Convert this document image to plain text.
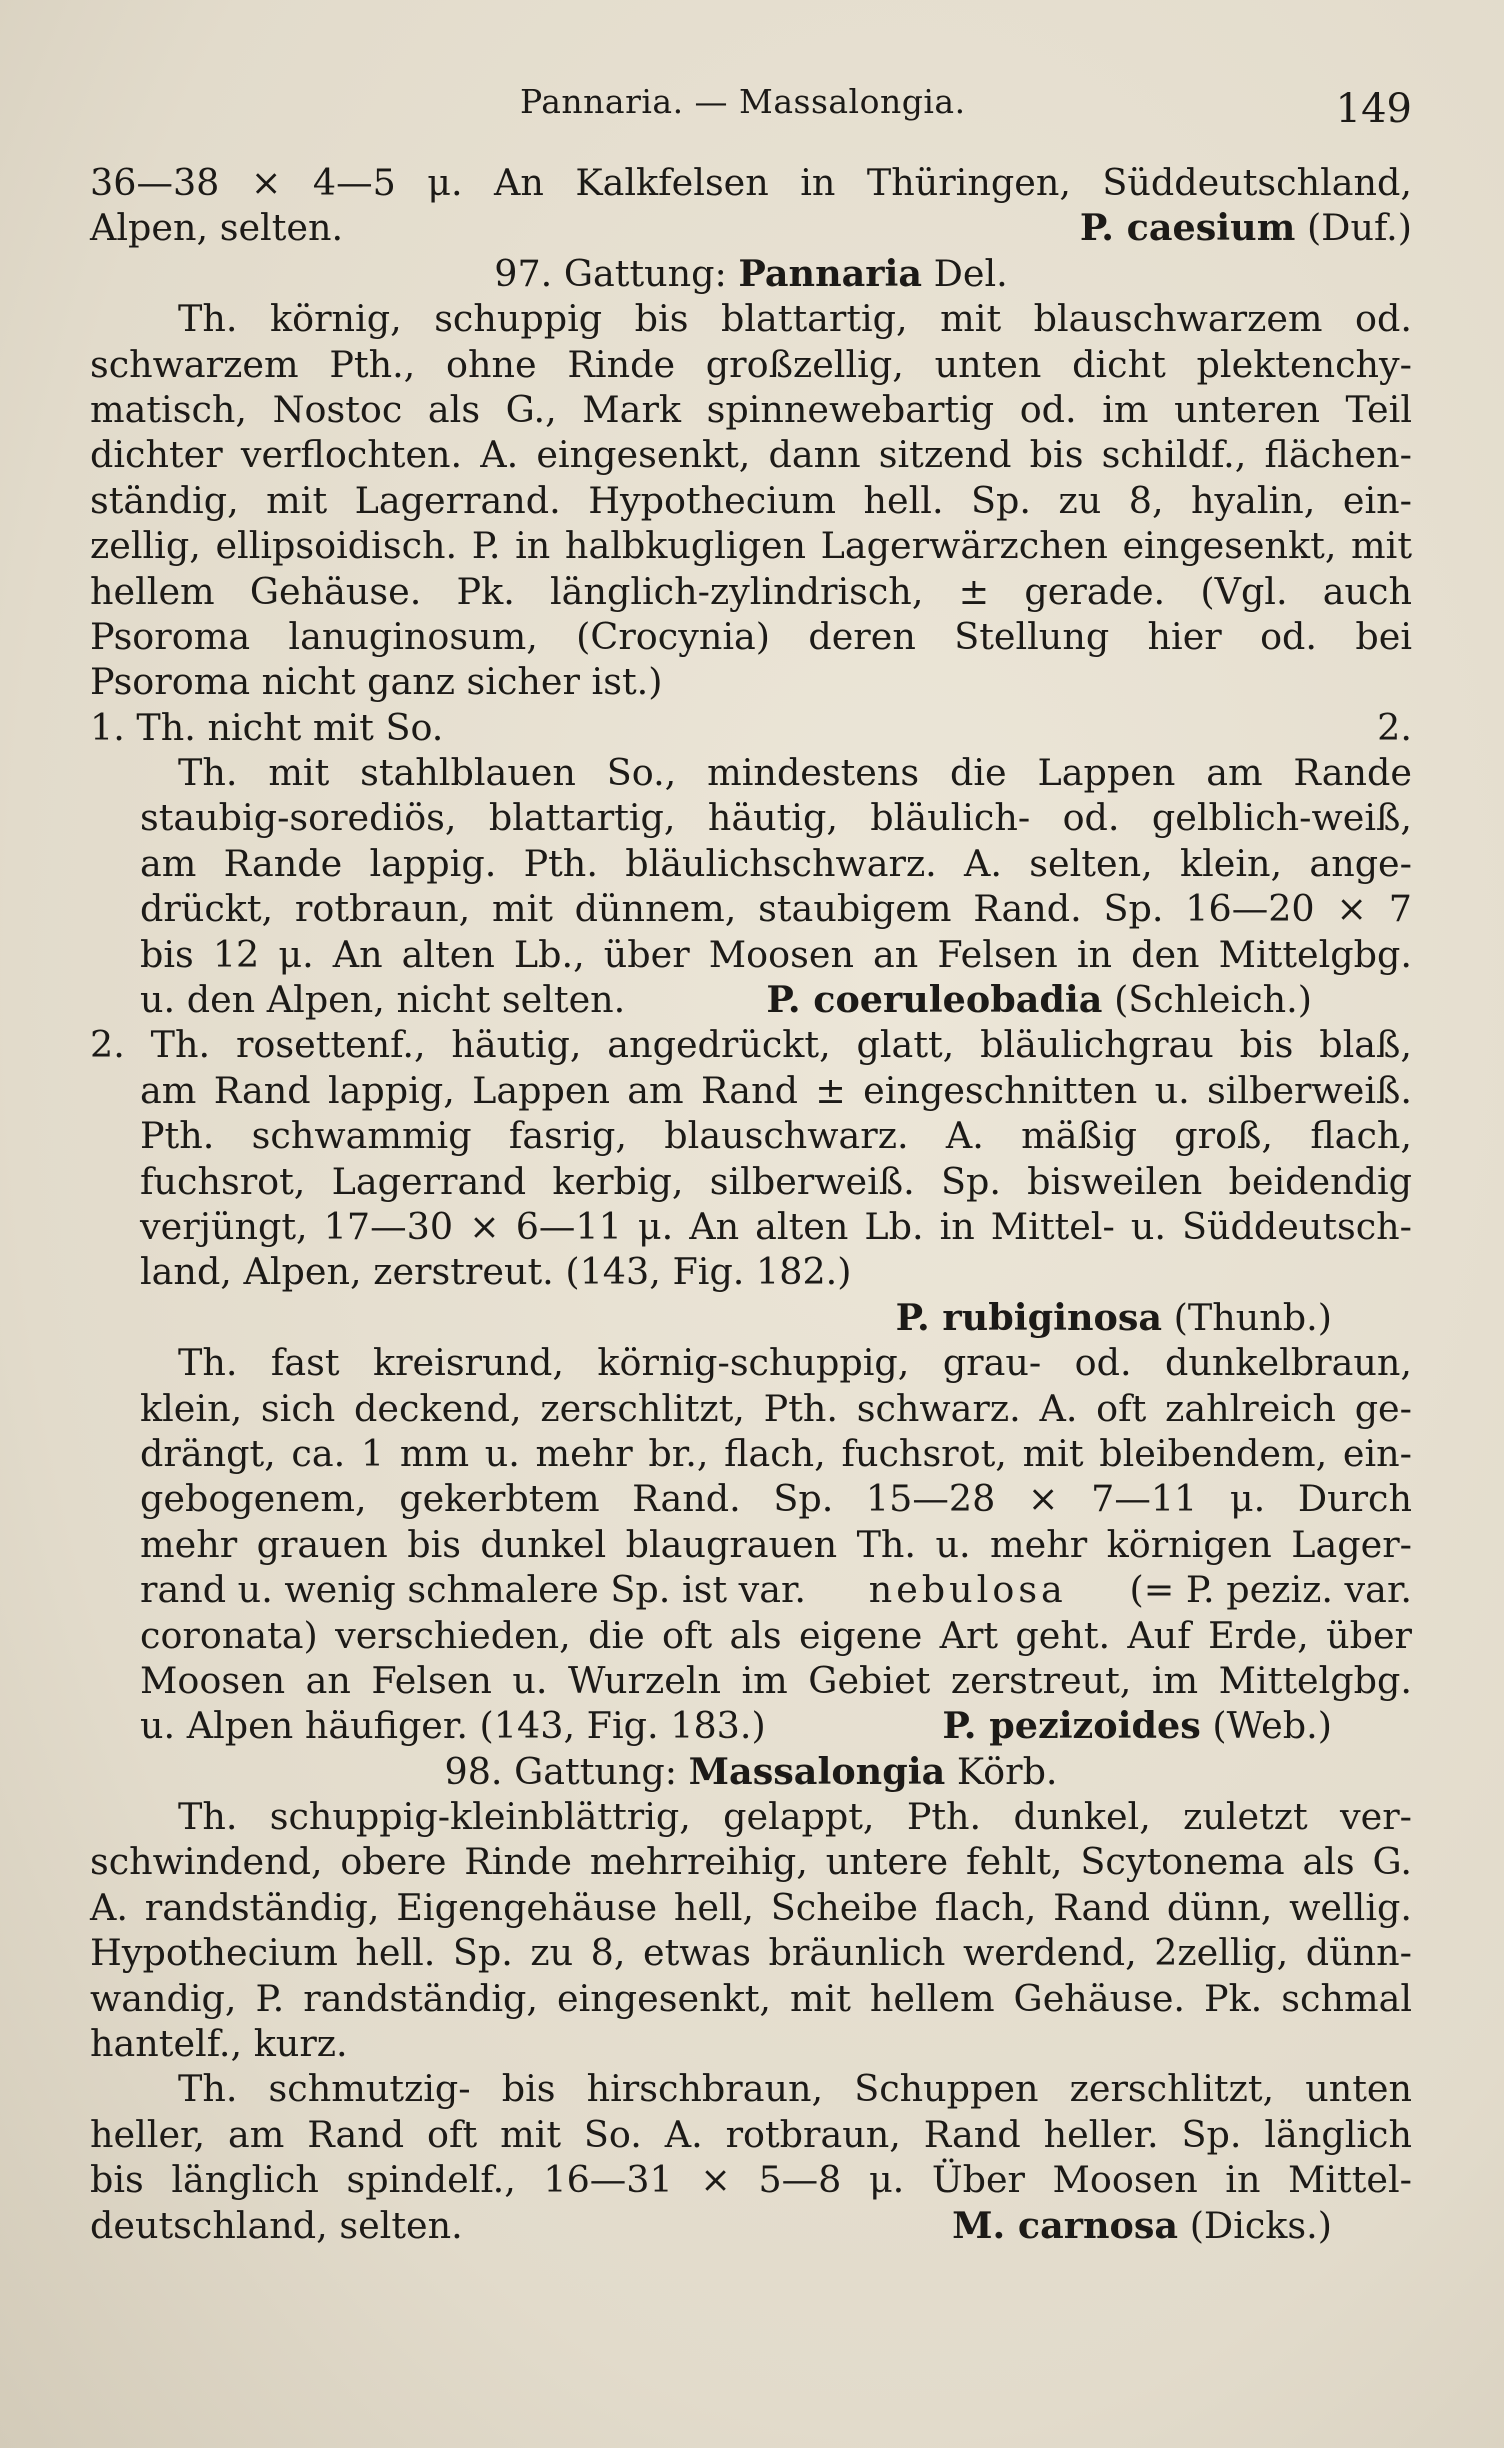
Pannaria. — Massalongia.	149
36—38 × 4—5 μ. An Kalkfelsen in Thüringen, Süddeutschland,
Alpen, selten.	P. caesium (Duf.)
97. Gattung: Pannaria Del.
Th. körnig, schuppig bis blattartig, mit blauschwarzem od.
schwarzem Pth., ohne Rinde großzellig, unten dicht plektenchy-
matisch, Nostoc als G., Mark spinnewebartig od. im unteren Teil
dichter verflochten. A. eingesenkt, dann sitzend bis schildf., flächen-
ständig, mit Lagerrand. Hypothecium hell. Sp. zu 8, hyalin, ein-
zellig, ellipsoidisch. P. in halbkugligen Lagerwärzchen eingesenkt, mit
hellem Gehäuse. Pk. länglich-zylindrisch, ± gerade. (Vgl. auch
Psoroma lanuginosum, (Crocynia) deren Stellung hier od. bei
Psoroma nicht ganz sicher ist.)
1. Th. nicht mit So.	2.
Th. mit stahlblauen So., mindestens die Lappen am Rande
staubig-sorediös, blattartig, häutig, bläulich- od. gelblich-weiß,
am Rande lappig. Pth. bläulichschwarz. A. selten, klein, ange-
drückt, rotbraun, mit dünnem, staubigem Rand. Sp. 16—20 × 7
bis 12 μ. An alten Lb., über Moosen an Felsen in den Mittelgbg.
u. den Alpen, nicht selten.	P. coeruleobadia (Schleich.)
2. Th. rosettenf., häutig, angedrückt, glatt, bläulichgrau bis blaß,
am Rand lappig, Lappen am Rand ± eingeschnitten u. silberweiß.
Pth. schwammig fasrig, blauschwarz. A. mäßig groß, flach,
fuchsrot, Lagerrand kerbig, silberweiß. Sp. bisweilen beidendig
verjüngt, 17—30 × 6—11 μ. An alten Lb. in Mittel- u. Süddeutsch-
land, Alpen, zerstreut. (143, Fig. 182.)
P. rubiginosa (Thunb.)
Th. fast kreisrund, körnig-schuppig, grau- od. dunkelbraun,
klein, sich deckend, zerschlitzt, Pth. schwarz. A. oft zahlreich ge-
drängt, ca. 1 mm u. mehr br., flach, fuchsrot, mit bleibendem, ein-
gebogenem, gekerbtem Rand. Sp. 15—28 × 7—11 μ. Durch
mehr grauen bis dunkel blaugrauen Th. u. mehr körnigen Lager-
rand u. wenig schmalere Sp. ist var. nebulosa (= P. peziz. var.
coronata) verschieden, die oft als eigene Art geht. Auf Erde, über
Moosen an Felsen u. Wurzeln im Gebiet zerstreut, im Mittelgbg.
u. Alpen häufiger. (143, Fig. 183.)	P. pezizoides (Web.)
98. Gattung: Massalongia Körb.
Th. schuppig-kleinblättrig, gelappt, Pth. dunkel, zuletzt ver-
schwindend, obere Rinde mehrreihig, untere fehlt, Scytonema als G.
A. randständig, Eigengehäuse hell, Scheibe flach, Rand dünn, wellig.
Hypothecium hell. Sp. zu 8, etwas bräunlich werdend, 2zellig, dünn-
wandig, P. randständig, eingesenkt, mit hellem Gehäuse. Pk. schmal
hantelf., kurz.
Th. schmutzig- bis hirschbraun, Schuppen zerschlitzt, unten
heller, am Rand oft mit So. A. rotbraun, Rand heller. Sp. länglich
bis länglich spindelf., 16—31 × 5—8 μ. Über Moosen in Mittel-
deutschland, selten.	M. carnosa (Dicks.)
